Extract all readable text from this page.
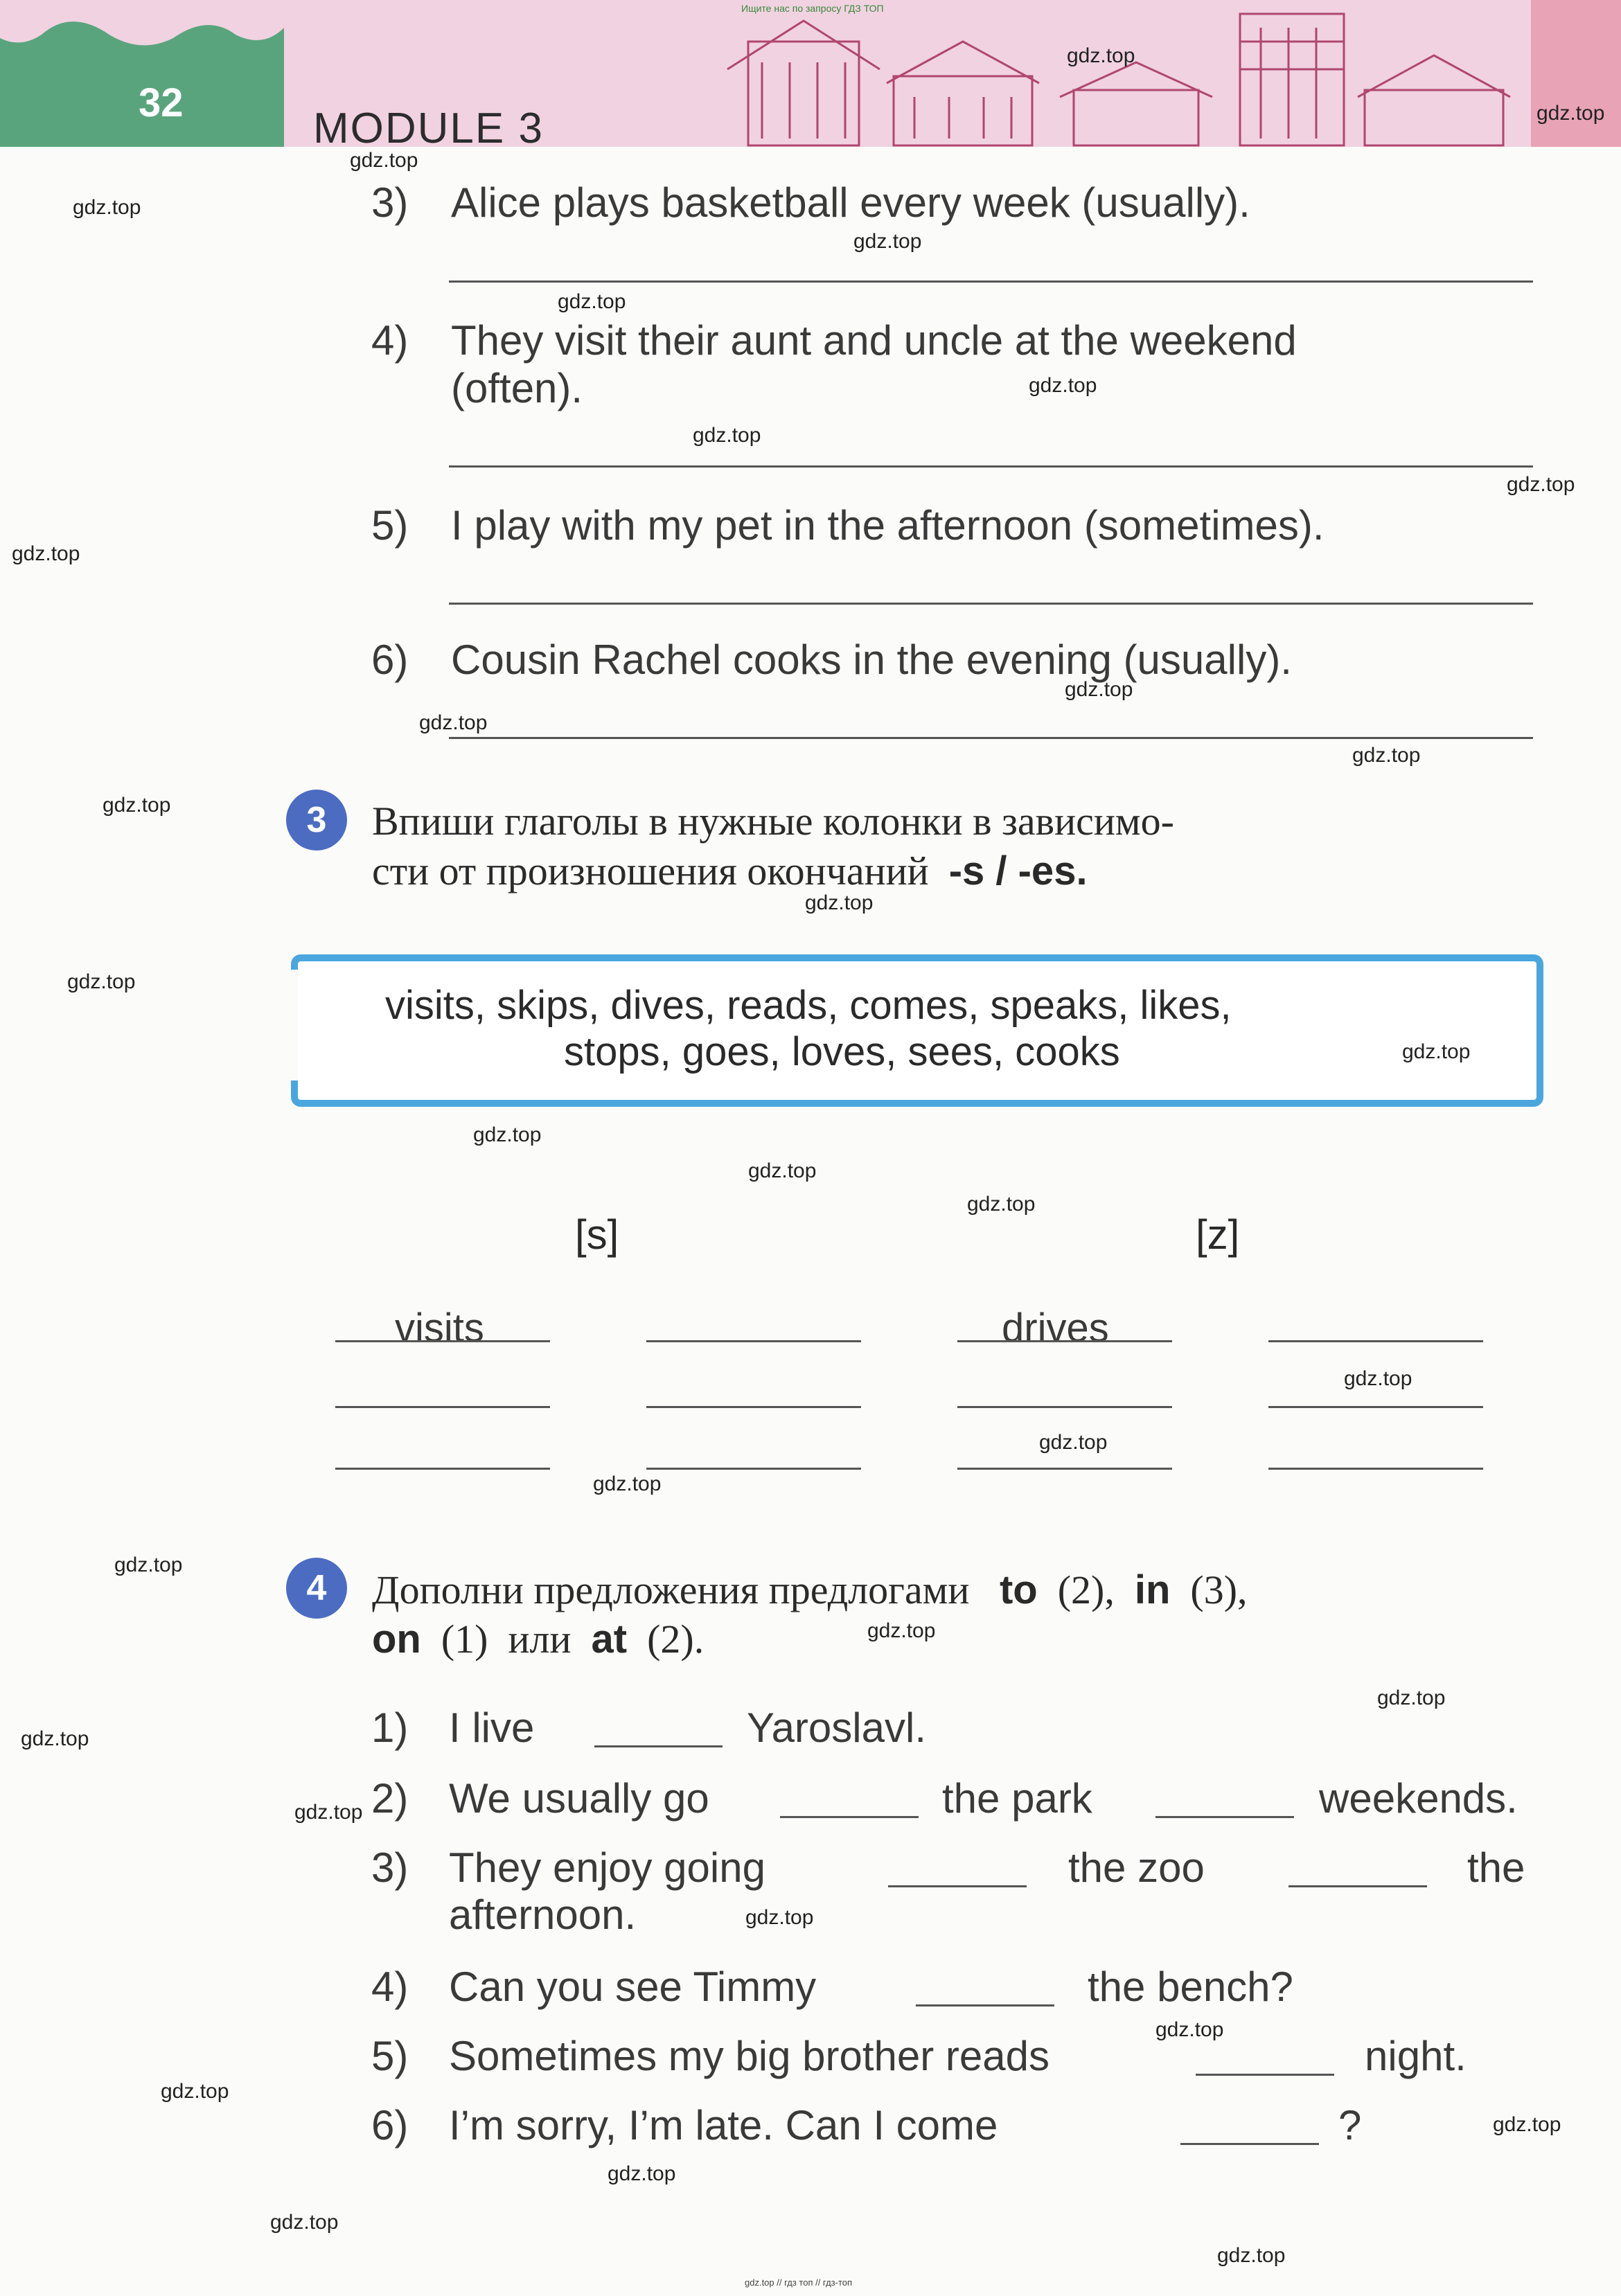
32
MODULE 3
Ищите нас по запросу ГДЗ ТОП
3) Alice plays basketball every week (usually).
4) They visit their aunt and uncle at the weekend
(often).
5) I play with my pet in the afternoon (sometimes).
6) Cousin Rachel cooks in the evening (usually).
3	Впиши глаголы в нужные колонки в зависимо-
сти от произношения окончаний -s / -es.
visits, skips, dives, reads, comes, speaks, likes,
stops, goes, loves, sees, cooks
[s]	[z]
visits	drives
4	Дополни предложения предлогами to (2), in (3),
on (1) или at (2).
1) I live	Yaroslavl.
2) We usually go	the park	weekends.
3) They enjoy going	the zoo	the
afternoon.
4) Can you see Timmy	the bench?
5) Sometimes my big brother reads	night.
6) I’m sorry, I’m late. Can I come	?
gdz.top
gdz.top
gdz.top
gdz.top
gdz.top
gdz.top
gdz.top
gdz.top
gdz.top
gdz.top
gdz.top
gdz.top
gdz.top
gdz.top
gdz.top
gdz.top
gdz.top
gdz.top
gdz.top
gdz.top
gdz.top
gdz.top
gdz.top
gdz.top
gdz.top
gdz.top
gdz.top
gdz.top
gdz.top
gdz.top
gdz.top
gdz.top
gdz.top
gdz.top
gdz.top
gdz.top // гдз топ // гдз-топ
